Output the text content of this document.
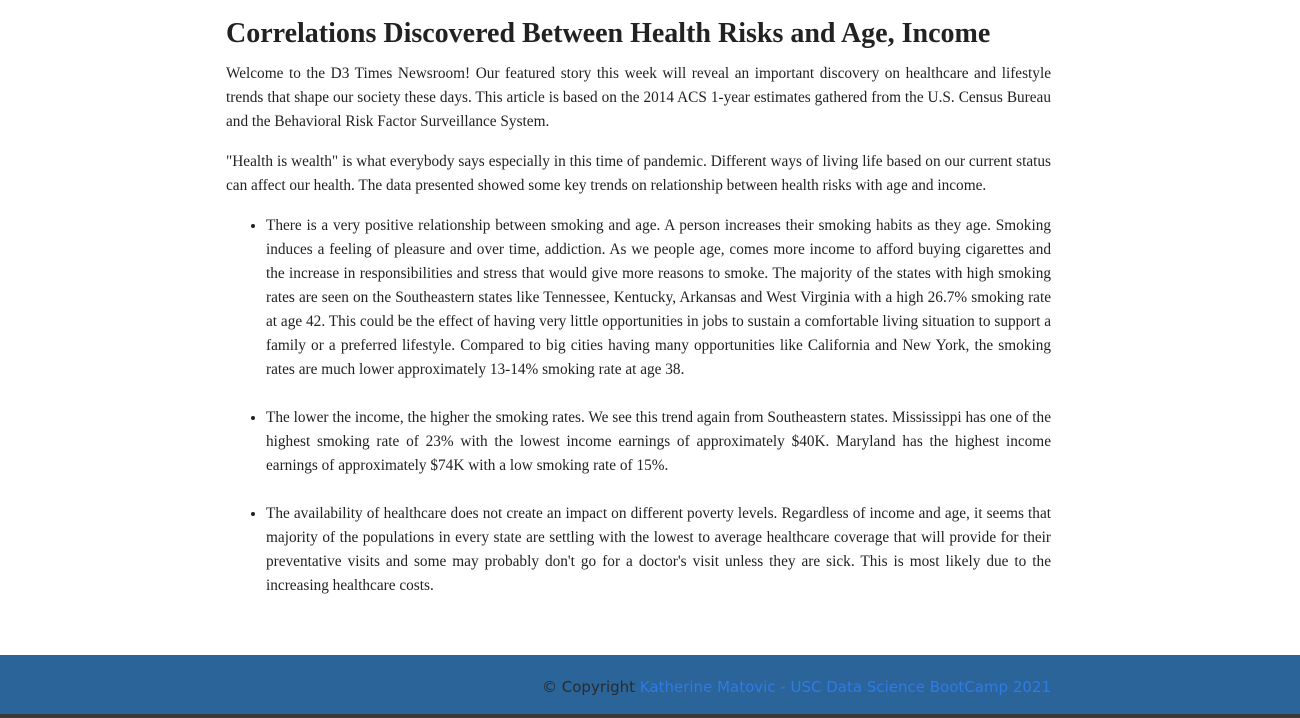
Correlations Discovered Between Health Risks and Age, Income

Welcome to the D3 Times Newsroom! Our featured story this week will reveal an important discovery on healthcare and lifestyle trends that shape our society these days. This article is based on the 2014 ACS 1-year estimates gathered from the U.S. Census Bureau and the Behavioral Risk Factor Surveillance System.

"Health is wealth" is what everybody says especially in this time of pandemic. Different ways of living life based on our current status can affect our health. The data presented showed some key trends on relationship between health risks with age and income.

• There is a very positive relationship between smoking and age. A person increases their smoking habits as they age. Smoking induces a feeling of pleasure and over time, addiction. As we people age, comes more income to afford buying cigarettes and the increase in responsibilities and stress that would give more reasons to smoke. The majority of the states with high smoking rates are seen on the Southeastern states like Tennessee, Kentucky, Arkansas and West Virginia with a high 26.7% smoking rate at age 42. This could be the effect of having very little opportunities in jobs to sustain a comfortable living situation to support a family or a preferred lifestyle. Compared to big cities having many opportunities like California and New York, the smoking rates are much lower approximately 13-14% smoking rate at age 38.
• The lower the income, the higher the smoking rates. We see this trend again from Southeastern states. Mississippi has one of the highest smoking rate of 23% with the lowest income earnings of approximately $40K. Maryland has the highest income earnings of approximately $74K with a low smoking rate of 15%.
• The availability of healthcare does not create an impact on different poverty levels. Regardless of income and age, it seems that majority of the populations in every state are settling with the lowest to average healthcare coverage that will provide for their preventative visits and some may probably don't go for a doctor's visit unless they are sick. This is most likely due to the increasing healthcare costs.
© Copyright Katherine Matovic - USC Data Science BootCamp 2021
